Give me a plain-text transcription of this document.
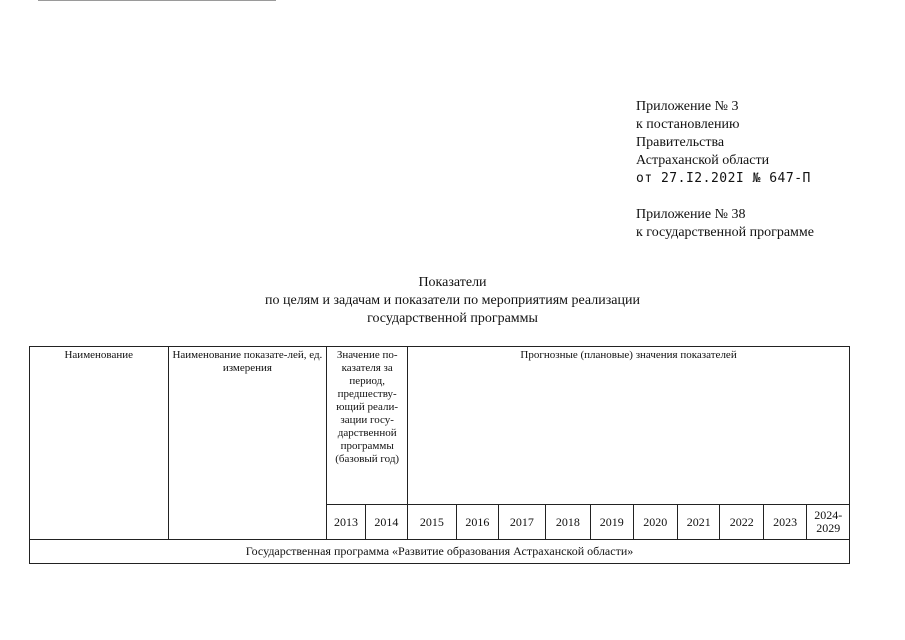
Приложение № 3
к постановлению
Правительства
Астраханской области
от 27.I2.202I № 647-П
Приложение № 38
к государственной программе
Показатели
по целям и задачам и показатели по мероприятиям реализации
государственной программы
Наименование	Наименование показате-лей, ед. измерения	Значение по-казателя за период, предшеству-ющий реали-зации госу-дарственной программы (базовый год)		Прогнозные (плановые) значения показателей									
		2013	2014	2015	2016	2017	2018	2019	2020	2021	2022	2023	2024-2029
Государственная программа «Развитие образования Астраханской области»													
